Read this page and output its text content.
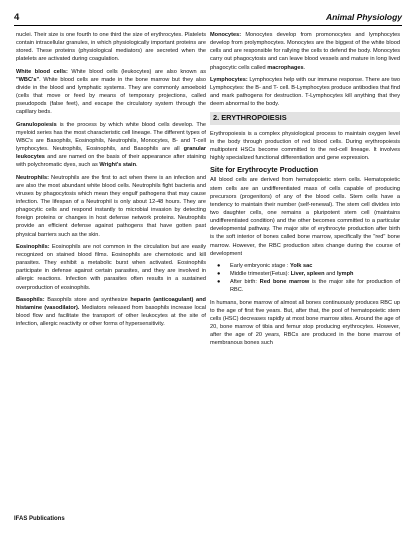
4	Animal Physiology

nuclei. Their size is one fourth to one third the size of erythrocytes. Platelets contain intracellular granules, in which physiologically important proteins are stored. These proteins (physiological mediators) are secreted when the platelets are activated during coagulation.

White blood cells: White blood cells (leukocytes) are also known as "WBC's". White blood cells are made in the bone marrow but they also divide in the blood and lymphatic systems. They are commonly amoeboid (cells that move or feed by means of temporary projections, called pseudopods (false feet), and escape the circulatory system through the capillary beds.

Granulopoiesis is the process by which white blood cells develop. The myeloid series has the most characteristic cell lineage. The different types of WBC's are Basophils, Eosinophils, Neutrophils, Monocytes, B- and T-cell lymphocytes. Neutrophils, Eosinophils, and Basophils are all granular leukocytes and are named on the basis of their appearance after staining with polychromatic dyes, such as Wright's stain.

Neutrophils: Neutrophils are the first to act when there is an infection and are also the most abundant white blood cells. Neutrophils fight bacteria and viruses by phagocytosis which mean they engulf pathogens that may cause infection. The lifespan of a Neutrophil is only about 12-48 hours. They are phagocytic cells and respond instantly to microbial invasion by detecting foreign proteins or changes in host defense network proteins. Neutrophils provide an efficient defense against pathogens that have gotten past physical barriers such as the skin.

Eosinophils: Eosinophils are not common in the circulation but are easily recognized on stained blood films. Eosinophils are chemotoxic and kill parasites. They exhibit a metabolic burst when activated. Eosinophils participate in defense against certain parasites, and they are involved in allergic reactions. Infection with parasites often results in a sustained overproduction of eosinophils.

Basophils: Basophils store and synthesize heparin (anticoagulant) and histamine (vasodilator). Mediators released from basophils increase local blood flow and facilitate the transport of other leukocytes at the site of infection, allergic reactivity or other forms of hypersensitivity.

Monocytes: Monocytes develop from promonocytes and lymphocytes develop from prolymphocytes. Monocytes are the biggest of the white blood cells and are responsible for rallying the cells to defend the body. Monocytes carry out phagocytosis and can leave blood vessels and mature in long lived phagocytic cells called macrophages.

Lymphocytes: Lymphocytes help with our immune response. There are two Lymphocytes: the B- and T- cell. B-Lymphocytes produce antibodies that find and mark pathogens for destruction. T-Lymphocytes kill anything that they deem abnormal to the body.

2. ERYTHROPOIESIS

Erythropoiesis is a complex physiological process to maintain oxygen level in the body through production of red blood cells. During erythropoiesis multipotent HSCs become committed to the red-cell lineage. It involves highly specialized functional differentiation and gene expression.

Site for Erythrocyte Production

All blood cells are derived from hematopoietic stem cells. Hematopoietic stem cells are an undifferentiated mass of cells capable of producing precursors (progenitors) of any of the blood cells. Stem cells have a tendency to maintain their number (self-renewal). The stem cell divides into two daughter cells, one remains a pluripotent stem cell (maintains undifferentiated condition) and the other becomes committed to a particular developmental pathway. The major site of erythrocyte production after birth is the soft interior of bones called bone marrow, specifically the "red" bone marrow. However, the RBC production sites change during the course of development

● Early embryonic stage : Yolk sac
● Middle trimester(Fetus): Liver, spleen and lymph
● After birth: Red bone marrow is the major site for production of RBC.

In humans, bone marrow of almost all bones continuously produces RBC up to the age of first five years. But, after that, the pool of hematopoietic stem cells (HSC) decreases rapidly at most bone marrow sites. Around the age of 20, bone marrow of tibia and femur stop producing erythrocytes. However, after the age of 20 years, RBCs are produced in the bone marrow of membranous bones such

IFAS Publications
